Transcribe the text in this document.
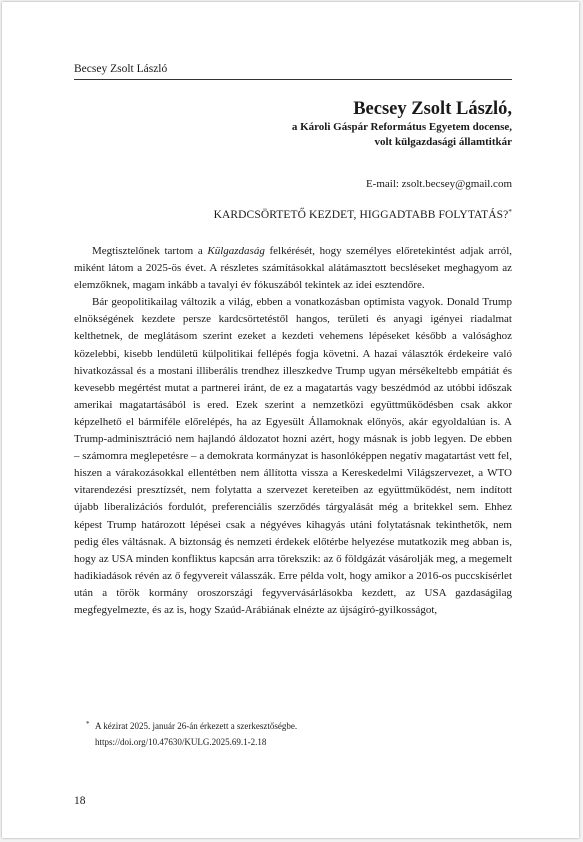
Becsey Zsolt László
Becsey Zsolt László,
a Károli Gáspár Református Egyetem docense,
volt külgazdasági államtitkár
E-mail: zsolt.becsey@gmail.com
KARDCSÖRTETŐ KEZDET, HIGGADTABB FOLYTATÁS?*

Megtisztelőnek tartom a Külgazdaság felkérését, hogy személyes előretekintést adjak arról, miként látom a 2025-ös évet. A részletes számításokkal alátámasztott becsléseket meghagyom az elemzőknek, magam inkább a tavalyi év fókuszából tekintek az idei esztendőre.

Bár geopolitikailag változik a világ, ebben a vonatkozásban optimista vagyok. Donald Trump elnökségének kezdete persze kardcsörtetéstől hangos, területi és anyagi igényei riadalmat kelthetnek, de meglátásom szerint ezeket a kezdeti vehemens lépéseket később a valósághoz közelebbi, kisebb lendületű külpolitikai fellépés fogja követni. A hazai választók érdekeire való hivatkozással és a mostani illiberális trendhez illeszkedve Trump ugyan mérsékeltebb empátiát és kevesebb megértést mutat a partnerei iránt, de ez a magatartás vagy beszédmód az utóbbi időszak amerikai magatartásából is ered. Ezek szerint a nemzetközi együttműködésben csak akkor képzelhető el bármiféle előrelépés, ha az Egyesült Államoknak előnyös, akár egyoldalúan is. A Trump-adminisztráció nem hajlandó áldozatot hozni azért, hogy másnak is jobb legyen. De ebben – számomra meglepetésre – a demokrata kormányzat is hasonlóképpen negatív magatartást vett fel, hiszen a várakozásokkal ellentétben nem állította vissza a Kereskedelmi Világszervezet, a WTO vitarendezési presztízsét, nem folytatta a szervezet kereteiben az együttműködést, nem indított újabb liberalizációs fordulót, preferenciális szerződés tárgyalását még a britekkel sem. Ehhez képest Trump határozott lépései csak a négyéves kihagyás utáni folytatásnak tekinthetők, nem pedig éles váltásnak. A biztonság és nemzeti érdekek előtérbe helyezése mutatkozik meg abban is, hogy az USA minden konfliktus kapcsán arra törekszik: az ő földgázát vásárolják meg, a megemelt hadikiadások révén az ő fegyvereit válasszák. Erre példa volt, hogy amikor a 2016-os puccskísérlet után a török kormány oroszországi fegyvervásárlásokba kezdett, az USA gazdaságilag megfegyelmezte, és az is, hogy Szaúd-Arábiának elnézte az újságíró-gyilkosságot,

* A kézirat 2025. január 26-án érkezett a szerkesztőségbe.
https://doi.org/10.47630/KULG.2025.69.1-2.18
18
